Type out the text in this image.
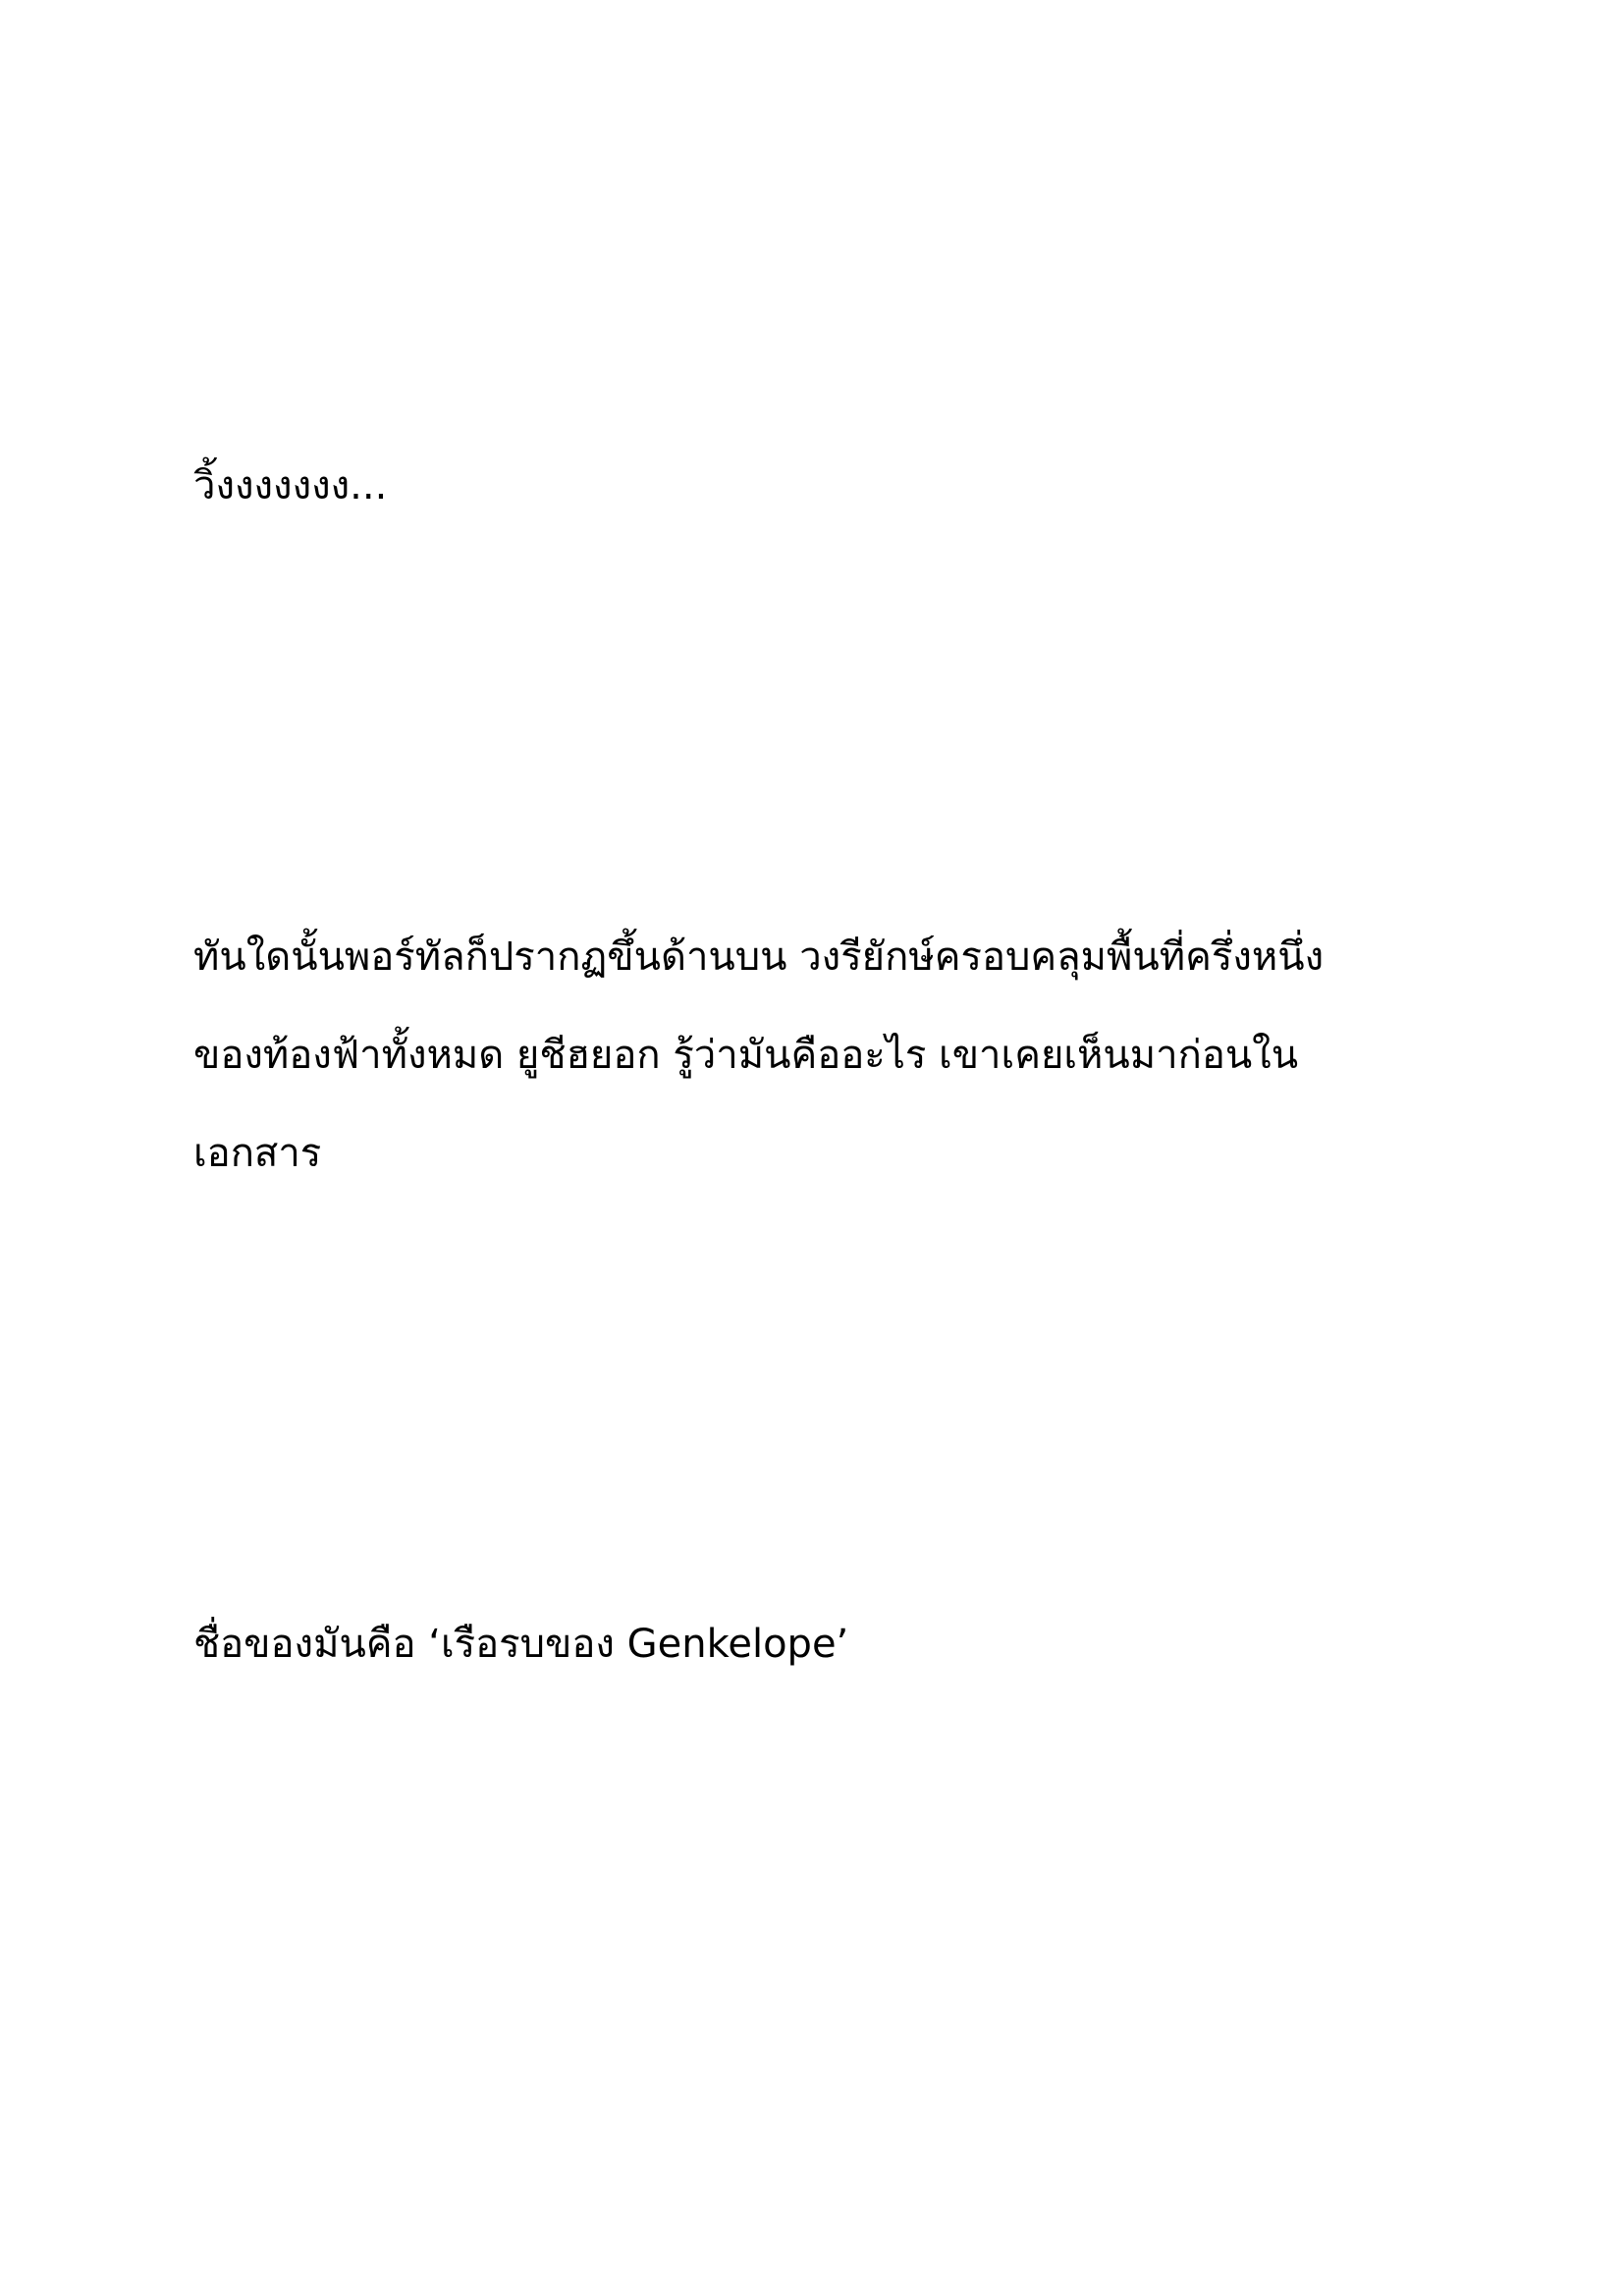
วิ้งงงงงงง...

ทันใดนั้นพอร์ทัลก็ปรากฏขึ้นด้านบน วงรียักษ์ครอบคลุมพื้นที่ครึ่งหนึ่ง
ของท้องฟ้าทั้งหมด ยูชีฮยอก รู้ว่ามันคืออะไร เขาเคยเห็นมาก่อนใน
เอกสาร

ชื่อของมันคือ ‘เรือรบของ Genkelope’
